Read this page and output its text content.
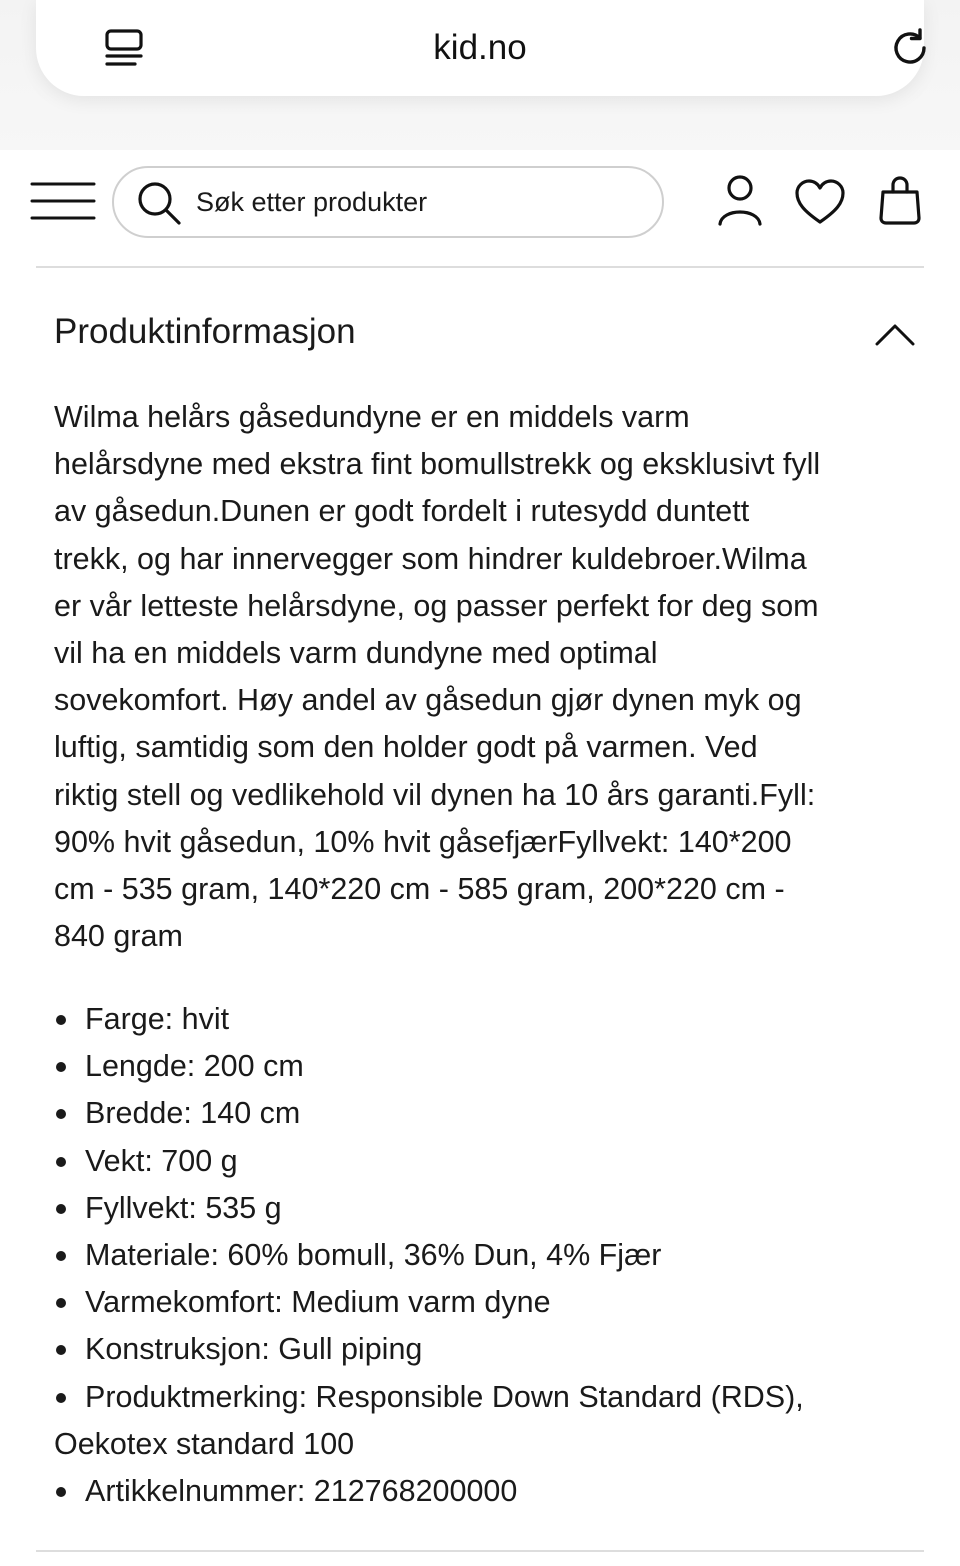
kid.no
Søk etter produkter
Produktinformasjon

Wilma helårs gåsedundyne er en middels varm
helårsdyne med ekstra fint bomullstrekk og eksklusivt fyll
av gåsedun.Dunen er godt fordelt i rutesydd duntett
trekk, og har innervegger som hindrer kuldebroer.Wilma
er vår letteste helårsdyne, og passer perfekt for deg som
vil ha en middels varm dundyne med optimal
sovekomfort. Høy andel av gåsedun gjør dynen myk og
luftig, samtidig som den holder godt på varmen. Ved
riktig stell og vedlikehold vil dynen ha 10 års garanti.Fyll:
90% hvit gåsedun, 10% hvit gåsefjærFyllvekt: 140*200
cm - 535 gram, 140*220 cm - 585 gram, 200*220 cm -
840 gram

Farge: hvit
Lengde: 200 cm
Bredde: 140 cm
Vekt: 700 g
Fyllvekt: 535 g
Materiale: 60% bomull, 36% Dun, 4% Fjær
Varmekomfort: Medium varm dyne
Konstruksjon: Gull piping
Produktmerking: Responsible Down Standard (RDS),
Oekotex standard 100
Artikkelnummer: 212768200000
